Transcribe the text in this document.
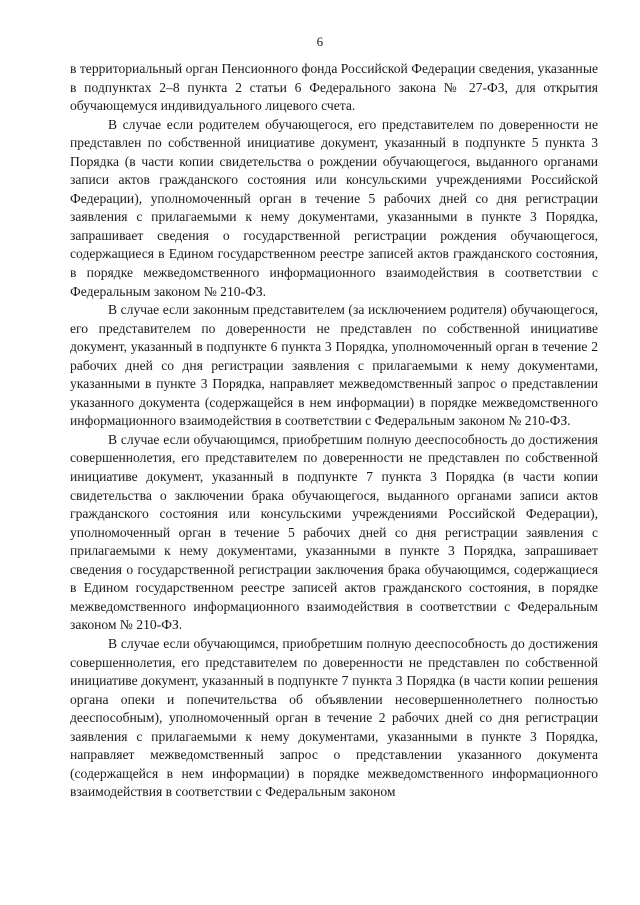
6

в территориальный орган Пенсионного фонда Российской Федерации сведения, указанные в подпунктах 2–8 пункта 2 статьи 6 Федерального закона № 27-ФЗ, для открытия обучающемуся индивидуального лицевого счета.

В случае если родителем обучающегося, его представителем по доверенности не представлен по собственной инициативе документ, указанный в подпункте 5 пункта 3 Порядка (в части копии свидетельства о рождении обучающегося, выданного органами записи актов гражданского состояния или консульскими учреждениями Российской Федерации), уполномоченный орган в течение 5 рабочих дней со дня регистрации заявления с прилагаемыми к нему документами, указанными в пункте 3 Порядка, запрашивает сведения о государственной регистрации рождения обучающегося, содержащиеся в Едином государственном реестре записей актов гражданского состояния, в порядке межведомственного информационного взаимодействия в соответствии с Федеральным законом № 210-ФЗ.

В случае если законным представителем (за исключением родителя) обучающегося, его представителем по доверенности не представлен по собственной инициативе документ, указанный в подпункте 6 пункта 3 Порядка, уполномоченный орган в течение 2 рабочих дней со дня регистрации заявления с прилагаемыми к нему документами, указанными в пункте 3 Порядка, направляет межведомственный запрос о представлении указанного документа (содержащейся в нем информации) в порядке межведомственного информационного взаимодействия в соответствии с Федеральным законом № 210-ФЗ.

В случае если обучающимся, приобретшим полную дееспособность до достижения совершеннолетия, его представителем по доверенности не представлен по собственной инициативе документ, указанный в подпункте 7 пункта 3 Порядка (в части копии свидетельства о заключении брака обучающегося, выданного органами записи актов гражданского состояния или консульскими учреждениями Российской Федерации), уполномоченный орган в течение 5 рабочих дней со дня регистрации заявления с прилагаемыми к нему документами, указанными в пункте 3 Порядка, запрашивает сведения о государственной регистрации заключения брака обучающимся, содержащиеся в Едином государственном реестре записей актов гражданского состояния, в порядке межведомственного информационного взаимодействия в соответствии с Федеральным законом № 210-ФЗ.

В случае если обучающимся, приобретшим полную дееспособность до достижения совершеннолетия, его представителем по доверенности не представлен по собственной инициативе документ, указанный в подпункте 7 пункта 3 Порядка (в части копии решения органа опеки и попечительства об объявлении несовершеннолетнего полностью дееспособным), уполномоченный орган в течение 2 рабочих дней со дня регистрации заявления с прилагаемыми к нему документами, указанными в пункте 3 Порядка, направляет межведомственный запрос о представлении указанного документа (содержащейся в нем информации) в порядке межведомственного информационного взаимодействия в соответствии с Федеральным законом
